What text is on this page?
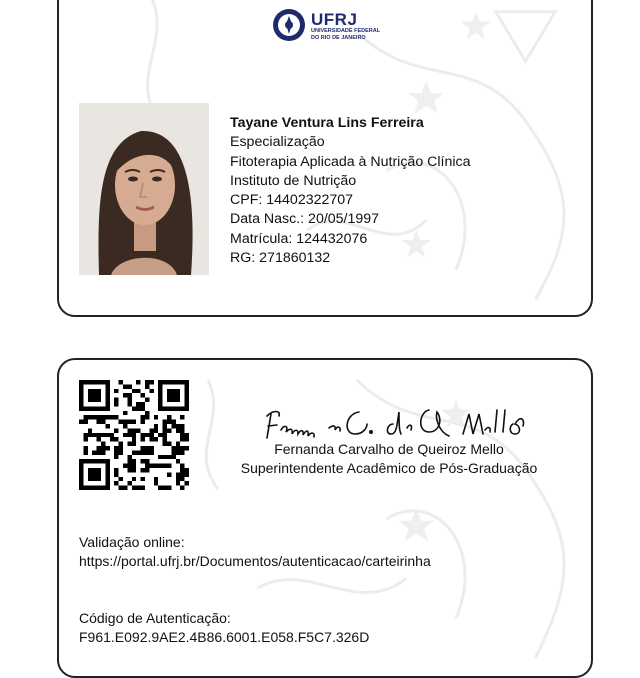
UFRJ
UNIVERSIDADE FEDERAL
DO RIO DE JANEIRO
Tayane Ventura Lins Ferreira
Especialização
Fitoterapia Aplicada à Nutrição Clínica
Instituto de Nutrição
CPF: 14402322707
Data Nasc.: 20/05/1997
Matrícula: 124432076
RG: 271860132
Fernanda Carvalho de Queiroz Mello
Superintendente Acadêmico de Pós-Graduação
Validação online:
https://portal.ufrj.br/Documentos/autenticacao/carteirinha
Código de Autenticação:
F961.E092.9AE2.4B86.6001.E058.F5C7.326D
